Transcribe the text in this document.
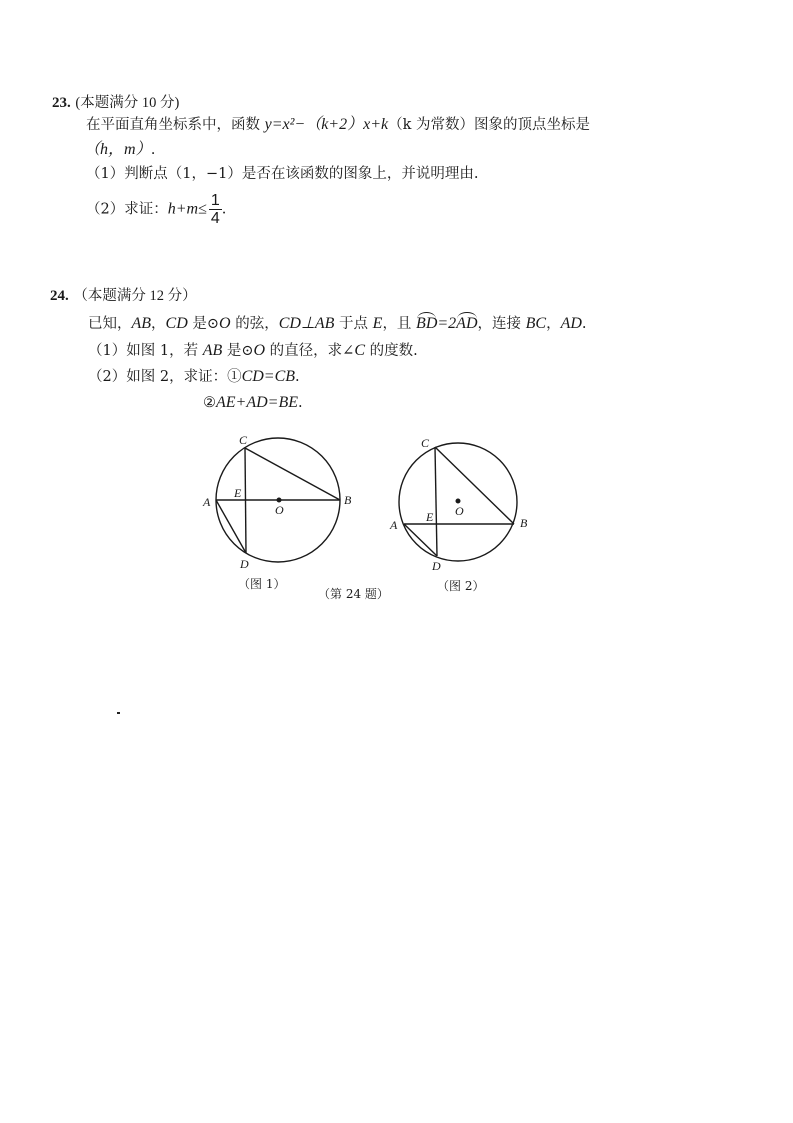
23. (本题满分 10 分)
在平面直角坐标系中，函数 y=x²−（k+2）x+k（k 为常数）图象的顶点坐标是
（h，m）.
（1）判断点（1，−1）是否在该函数的图象上，并说明理由.
（2）求证：$h+m\le \frac{1}{4}$ .
24. （本题满分 12 分）
已知，AB，CD 是⊙O 的弦，CD⊥AB 于点 E，且 BD=2AD，连接 BC，AD.
（1）如图 1，若 AB 是⊙O 的直径，求∠C 的度数.
（2）如图 2，求证：①CD=CB.
②AE+AD=BE.
C
A
E
O
B
D
C
A
E O
B
D
（图 1）
（第 24 题）
（图 2）
